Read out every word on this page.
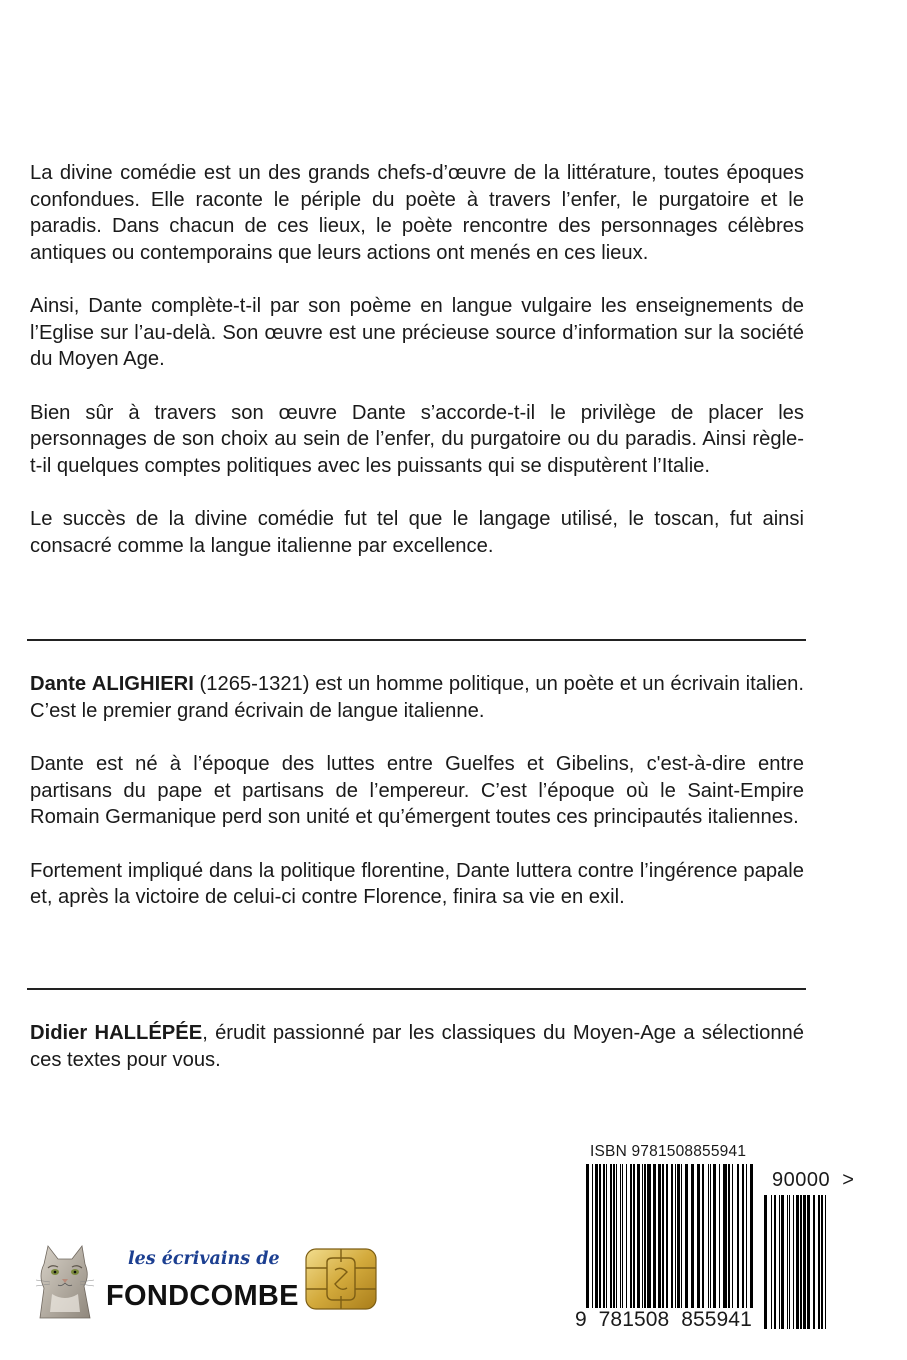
La divine comédie est un des grands chefs-d’œuvre de la littérature, toutes époques confondues. Elle raconte le périple du poète à travers l’enfer, le purgatoire et le paradis. Dans chacun de ces lieux, le poète rencontre des personnages célèbres antiques ou contemporains que leurs actions ont menés en ces lieux.

Ainsi, Dante complète-t-il par son poème en langue vulgaire les enseignements de l’Eglise sur l’au-delà. Son œuvre est une précieuse source d’information sur la société du Moyen Age.

Bien sûr à travers son œuvre Dante s’accorde-t-il le privilège de placer les personnages de son choix au sein de l’enfer, du purgatoire ou du paradis. Ainsi règle-t-il quelques comptes politiques avec les puissants qui se disputèrent l’Italie.

Le succès de la divine comédie fut tel que le langage utilisé, le toscan, fut ainsi consacré comme la langue italienne par excellence.

Dante ALIGHIERI (1265-1321) est un homme politique, un poète et un écrivain italien. C’est le premier grand écrivain de langue italienne.

Dante est né à l’époque des luttes entre Guelfes et Gibelins, c'est-à-dire entre partisans du pape et partisans de l’empereur. C’est l’époque où le Saint-Empire Romain Germanique perd son unité et qu’émergent toutes ces principautés italiennes.

Fortement impliqué dans la politique florentine, Dante luttera contre l’ingérence papale et, après la victoire de celui-ci contre Florence, finira sa vie en exil.

Didier HALLÉPÉE, érudit passionné par les classiques du Moyen-Age a sélectionné ces textes pour vous.

ISBN 9781508855941
90000 >
9  781508  855941
les écrivains de
FONDCOMBE
